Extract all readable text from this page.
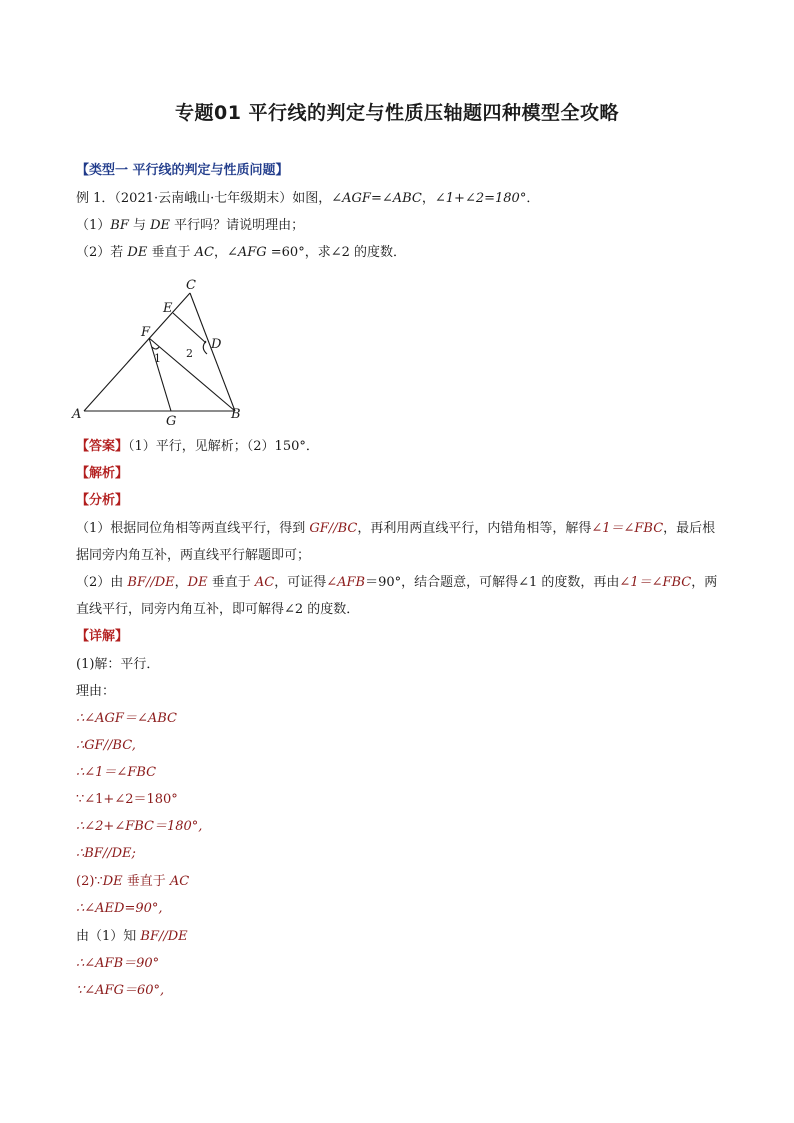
专题01 平行线的判定与性质压轴题四种模型全攻略
【类型一 平行线的判定与性质问题】
例 1．（2021·云南峨山·七年级期末）如图，∠AGF=∠ABC，∠1+∠2=180°．
（1）BF 与 DE 平行吗？请说明理由；
（2）若 DE 垂直于 AC，∠AFG =60°，求∠2 的度数．
C
E
F
D
A	G	B
1 2
【答案】（1）平行，见解析；（2）150°．
【解析】
【分析】
（1）根据同位角相等两直线平行，得到 GF//BC，再利用两直线平行，内错角相等，解得∠1＝∠FBC，最后根据同旁内角互补，两直线平行解题即可；
（2）由 BF//DE，DE 垂直于 AC，可证得∠AFB＝90°，结合题意，可解得∠1 的度数，再由∠1＝∠FBC，两直线平行，同旁内角互补，即可解得∠2 的度数．
【详解】
(1)解：平行．
理由：
∴∠AGF＝∠ABC
∴GF//BC,
∴∠1＝∠FBC
∵∠1+∠2＝180°
∴∠2+∠FBC＝180°,
∴BF//DE;
(2)∵DE 垂直于 AC
∴∠AED=90°,
由（1）知 BF//DE
∴∠AFB＝90°
∵∠AFG＝60°,
